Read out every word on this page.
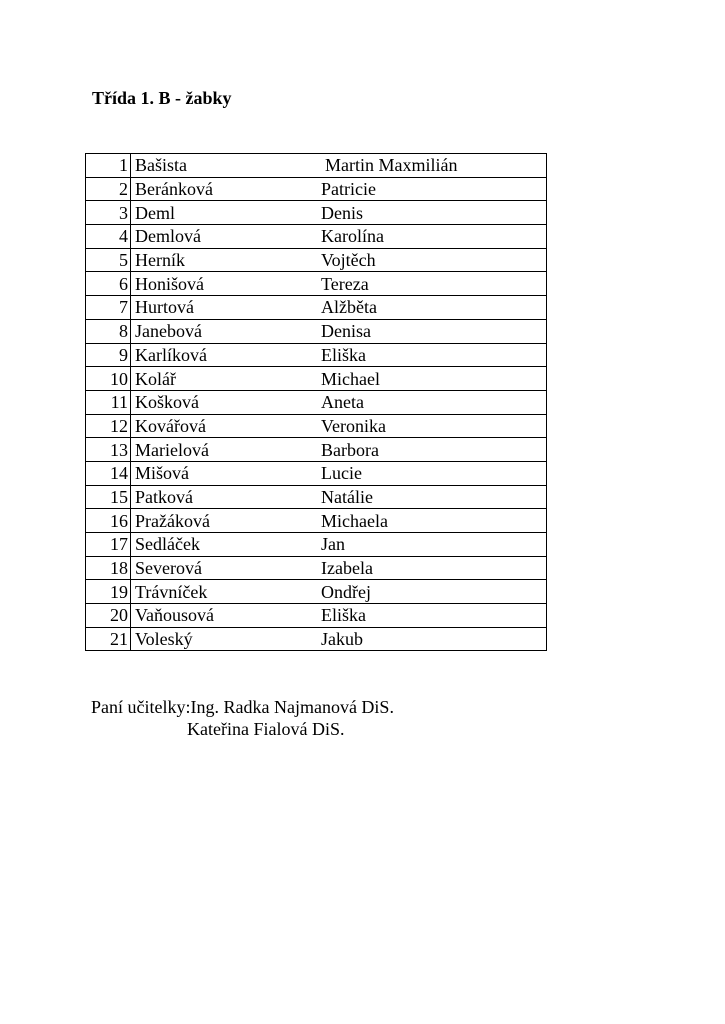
Třída 1. B - žabky
1	Bašista	Martin Maxmilián
2	Beránková	Patricie
3	Deml	Denis
4	Demlová	Karolína
5	Herník	Vojtěch
6	Honišová	Tereza
7	Hurtová	Alžběta
8	Janebová	Denisa
9	Karlíková	Eliška
10	Kolář	Michael
11	Košková	Aneta
12	Kovářová	Veronika
13	Marielová	Barbora
14	Mišová	Lucie
15	Patková	Natálie
16	Pražáková	Michaela
17	Sedláček	Jan
18	Severová	Izabela
19	Trávníček	Ondřej
20	Vaňousová	Eliška
21	Voleský	Jakub
Paní učitelky:Ing. Radka Najmanová DiS.
Kateřina Fialová DiS.
